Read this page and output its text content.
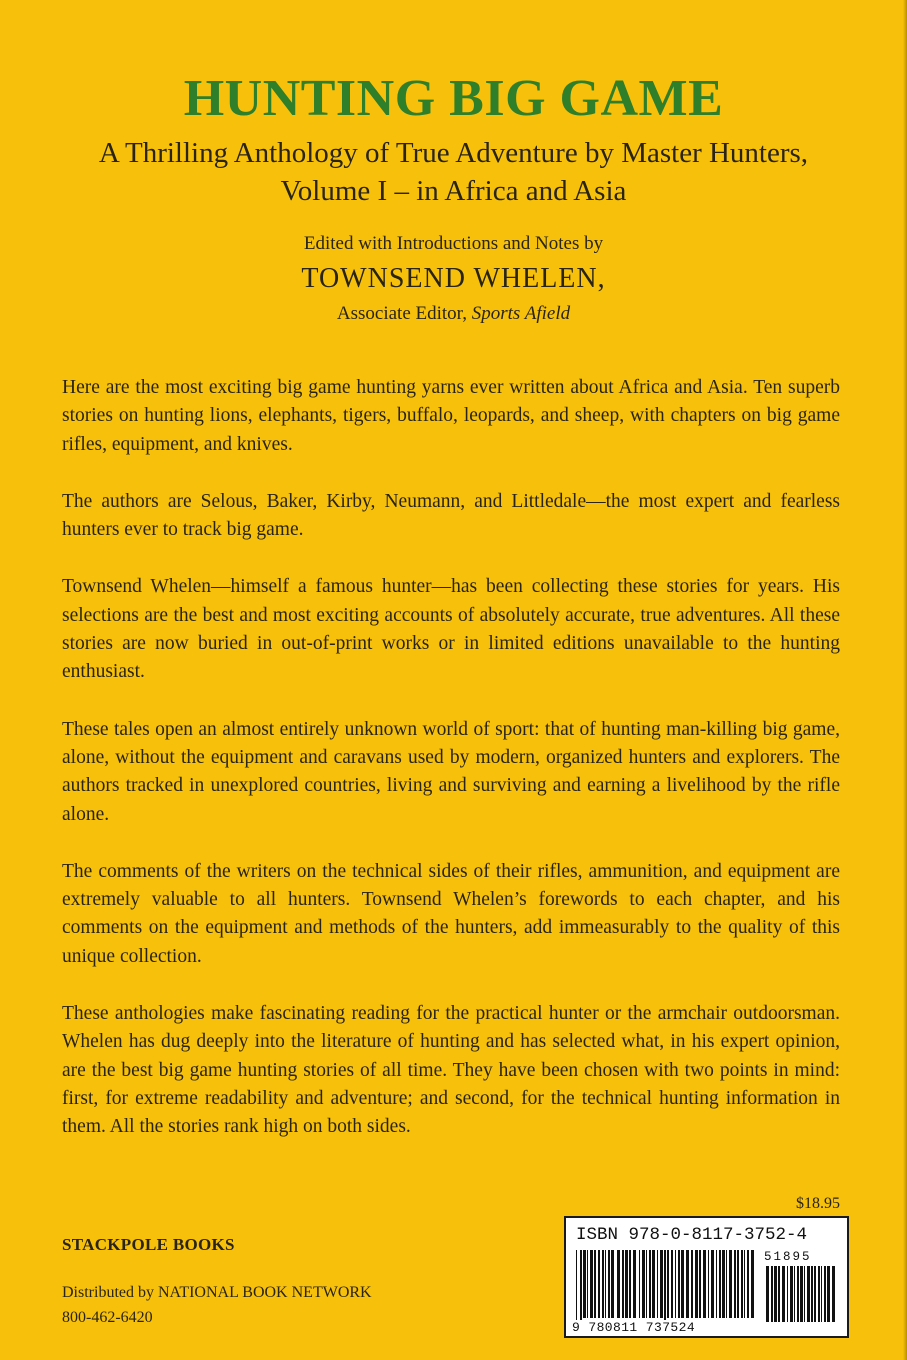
HUNTING BIG GAME
A Thrilling Anthology of True Adventure by Master Hunters,
Volume I – in Africa and Asia
Edited with Introductions and Notes by
TOWNSEND WHELEN,
Associate Editor, Sports Afield

Here are the most exciting big game hunting yarns ever written about Africa and Asia. Ten superb stories on hunting lions, elephants, tigers, buffalo, leopards, and sheep, with chapters on big game rifles, equipment, and knives.

The authors are Selous, Baker, Kirby, Neumann, and Littledale—the most expert and fearless hunters ever to track big game.

Townsend Whelen—himself a famous hunter—has been collecting these stories for years. His selections are the best and most exciting accounts of absolutely accurate, true adventures. All these stories are now buried in out-of-print works or in limited editions unavailable to the hunting enthusiast.

These tales open an almost entirely unknown world of sport: that of hunting man-killing big game, alone, without the equipment and caravans used by modern, organized hunters and explorers. The authors tracked in unexplored countries, living and surviving and earning a livelihood by the rifle alone.

The comments of the writers on the technical sides of their rifles, ammunition, and equipment are extremely valuable to all hunters. Townsend Whelen’s forewords to each chapter, and his comments on the equipment and methods of the hunters, add immeasurably to the quality of this unique collection.

These anthologies make fascinating reading for the practical hunter or the armchair outdoorsman. Whelen has dug deeply into the literature of hunting and has selected what, in his expert opinion, are the best big game hunting stories of all time. They have been chosen with two points in mind: first, for extreme readability and adventure; and second, for the technical hunting information in them. All the stories rank high on both sides.

$18.95
STACKPOLE BOOKS
Distributed by NATIONAL BOOK NETWORK
800-462-6420
ISBN 978-0-8117-3752-4
51895
9 780811 737524
